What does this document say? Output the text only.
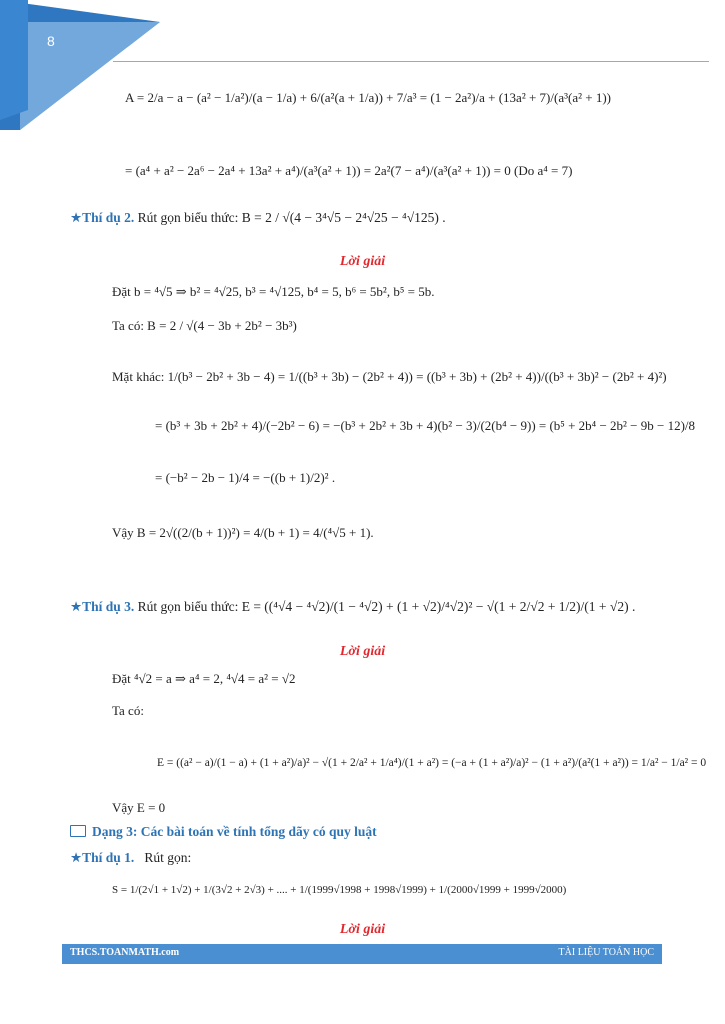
8
A = 2/a − a − (a² − 1/a²)/(a − 1/a) + 6/(a²(a + 1/a)) + 7/a³ = (1 − 2a²)/a + (13a² + 7)/(a³(a² + 1))
= (a⁴ + a² − 2a⁶ − 2a⁴ + 13a² + a⁴)/(a³(a² + 1)) = 2a²(7 − a⁴)/(a³(a² + 1)) = 0 (Do a⁴ = 7)
★Thí dụ 2. Rút gọn biểu thức: B = 2 / √(4 − 3⁴√5 − 2⁴√25 − ⁴√125) .
Lời giải
Đặt b = ⁴√5 ⇒ b² = ⁴√25, b³ = ⁴√125, b⁴ = 5, b⁶ = 5b², b⁵ = 5b.
Ta có: B = 2 / √(4 − 3b + 2b² − 3b³)
Mặt khác: 1/(b³ − 2b² + 3b − 4) = 1/((b³ + 3b) − (2b² + 4)) = ((b³ + 3b) + (2b² + 4))/((b³ + 3b)² − (2b² + 4)²)
= (b³ + 3b + 2b² + 4)/(−2b² − 6) = −(b³ + 2b² + 3b + 4)(b² − 3)/(2(b⁴ − 9)) = (b⁵ + 2b⁴ − 2b² − 9b − 12)/8
= (−b² − 2b − 1)/4 = −((b + 1)/2)² .
Vậy B = 2√((2/(b + 1))²) = 4/(b + 1) = 4/(⁴√5 + 1).
★Thí dụ 3. Rút gọn biểu thức: E = ((⁴√4 − ⁴√2)/(1 − ⁴√2) + (1 + √2)/⁴√2)² − √(1 + 2/√2 + 1/2)/(1 + √2) .
Lời giải
Đặt ⁴√2 = a ⇒ a⁴ = 2, ⁴√4 = a² = √2
Ta có:
E = ((a² − a)/(1 − a) + (1 + a²)/a)² − √(1 + 2/a² + 1/a⁴)/(1 + a²) = (−a + (1 + a²)/a)² − (1 + a²)/(a²(1 + a²)) = 1/a² − 1/a² = 0
Vậy E = 0
Dạng 3: Các bài toán về tính tổng dãy có quy luật
★Thí dụ 1. Rút gọn:
S = 1/(2√1 + 1√2) + 1/(3√2 + 2√3) + .... + 1/(1999√1998 + 1998√1999) + 1/(2000√1999 + 1999√2000)
Lời giải
THCS.TOANMATH.com	TÀI LIỆU TOÁN HỌC
